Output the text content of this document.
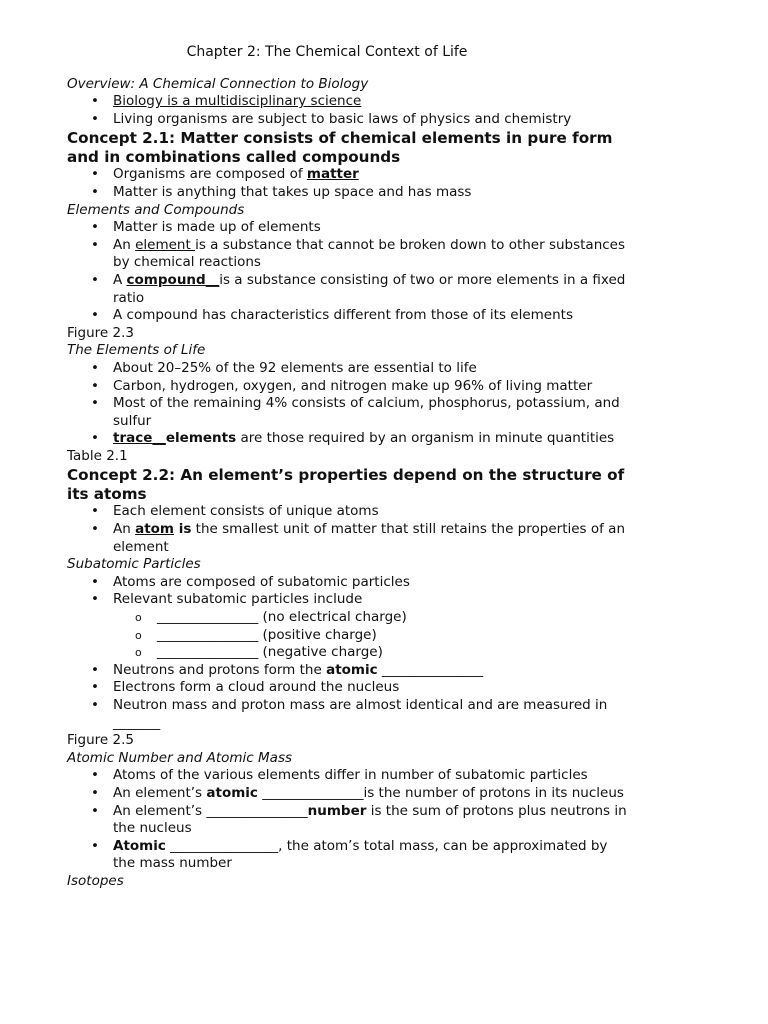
Chapter 2: The Chemical Context of Life
Overview: A Chemical Connection to Biology
• Biology is a multidisciplinary science
• Living organisms are subject to basic laws of physics and chemistry
Concept 2.1: Matter consists of chemical elements in pure form and in combinations called compounds
• Organisms are composed of matter
• Matter is anything that takes up space and has mass
Elements and Compounds
• Matter is made up of elements
• An element is a substance that cannot be broken down to other substances by chemical reactions
• A compound__is a substance consisting of two or more elements in a fixed ratio
• A compound has characteristics different from those of its elements
Figure 2.3
The Elements of Life
• About 20–25% of the 92 elements are essential to life
• Carbon, hydrogen, oxygen, and nitrogen make up 96% of living matter
• Most of the remaining 4% consists of calcium, phosphorus, potassium, and sulfur
• trace__elements are those required by an organism in minute quantities
Table 2.1
Concept 2.2: An element’s properties depend on the structure of its atoms
• Each element consists of unique atoms
• An atom is the smallest unit of matter that still retains the properties of an element
Subatomic Particles
• Atoms are composed of subatomic particles
• Relevant subatomic particles include
o _______________ (no electrical charge)
o _______________ (positive charge)
o _______________ (negative charge)
• Neutrons and protons form the atomic _______________
• Electrons form a cloud around the nucleus
• Neutron mass and proton mass are almost identical and are measured in _______
Figure 2.5
Atomic Number and Atomic Mass
• Atoms of the various elements differ in number of subatomic particles
• An element’s atomic _______________is the number of protons in its nucleus
• An element’s _______________number is the sum of protons plus neutrons in the nucleus
• Atomic ________________, the atom’s total mass, can be approximated by the mass number
Isotopes
